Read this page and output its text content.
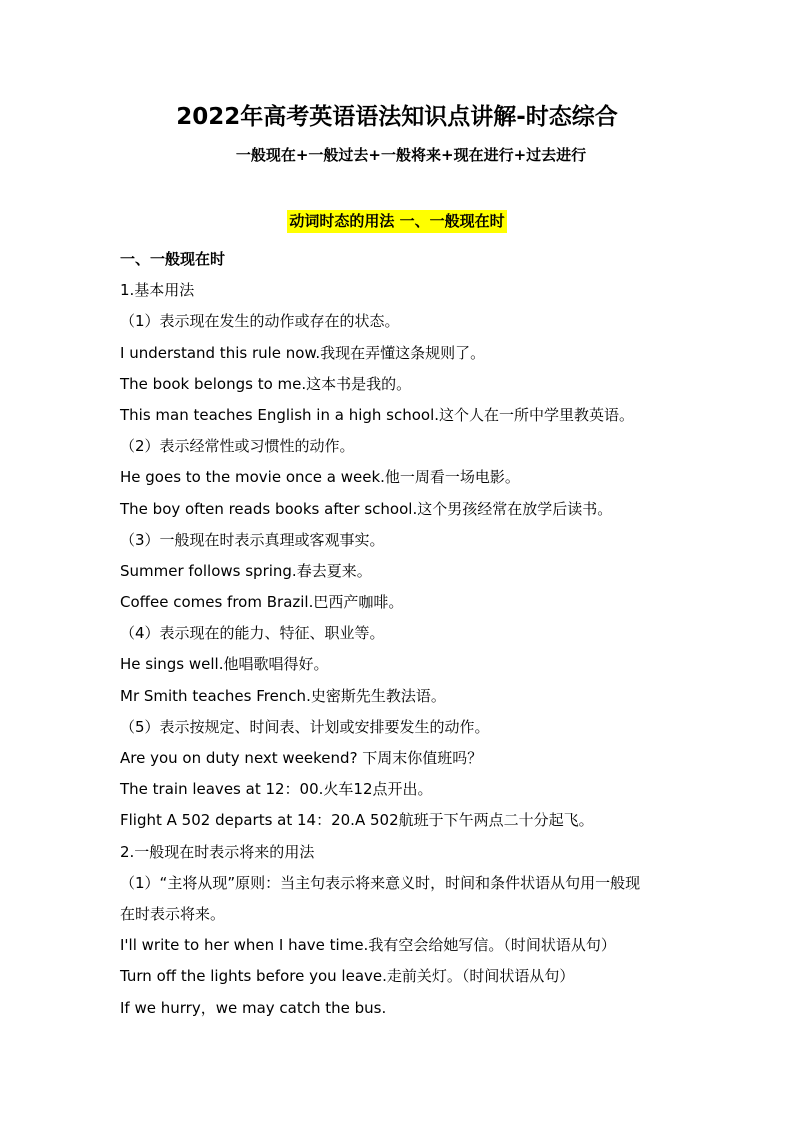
2022年高考英语语法知识点讲解-时态综合
一般现在+一般过去+一般将来+现在进行+过去进行
动词时态的用法 一、一般现在时
一、一般现在时
1.基本用法
（1）表示现在发生的动作或存在的状态。
I understand this rule now.我现在弄懂这条规则了。
The book belongs to me.这本书是我的。
This man teaches English in a high school.这个人在一所中学里教英语。
（2）表示经常性或习惯性的动作。
He goes to the movie once a week.他一周看一场电影。
The boy often reads books after school.这个男孩经常在放学后读书。
（3）一般现在时表示真理或客观事实。
Summer follows spring.春去夏来。
Coffee comes from Brazil.巴西产咖啡。
（4）表示现在的能力、特征、职业等。
He sings well.他唱歌唱得好。
Mr Smith teaches French.史密斯先生教法语。
（5）表示按规定、时间表、计划或安排要发生的动作。
Are you on duty next weekend? 下周末你值班吗？
The train leaves at 12：00.火车12点开出。
Flight A 502 departs at 14：20.A 502航班于下午两点二十分起飞。
2.一般现在时表示将来的用法
（1）“主将从现”原则：当主句表示将来意义时，时间和条件状语从句用一般现
在时表示将来。
I'll write to her when I have time.我有空会给她写信。（时间状语从句）
Turn off the lights before you leave.走前关灯。（时间状语从句）
If we hurry，we may catch the bus.
